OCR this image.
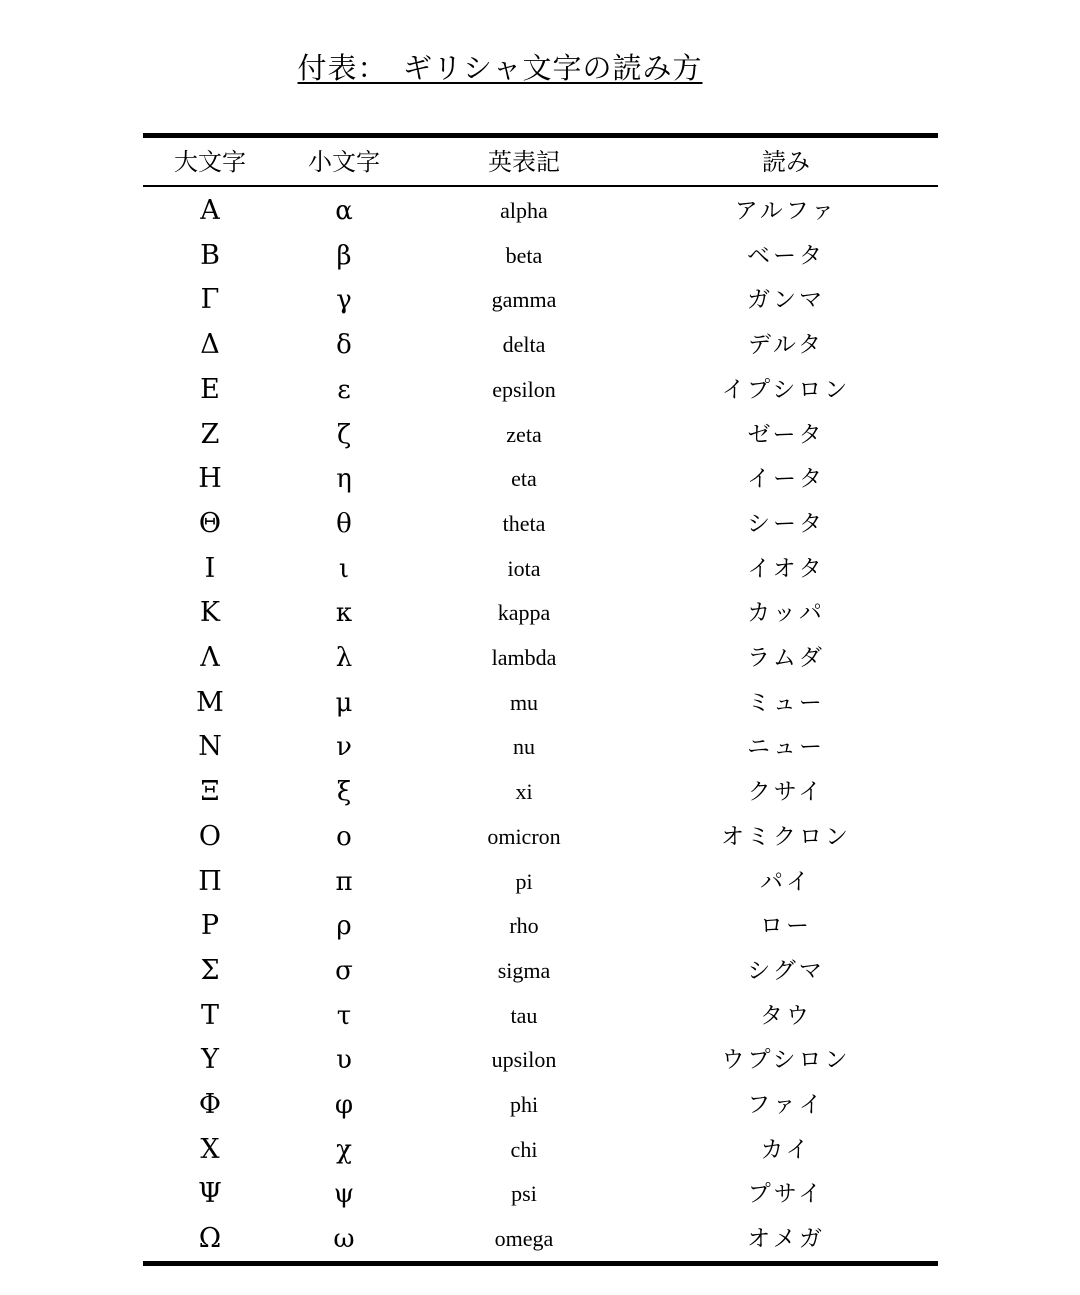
付表：　ギリシャ文字の読み方
大文字	小文字	英表記	読み
Α	α	alpha	アルファ
Β	β	beta	ベータ
Γ	γ	gamma	ガンマ
Δ	δ	delta	デルタ
Ε	ε	epsilon	イプシロン
Ζ	ζ	zeta	ゼータ
Η	η	eta	イータ
Θ	θ	theta	シータ
Ι	ι	iota	イオタ
Κ	κ	kappa	カッパ
Λ	λ	lambda	ラムダ
Μ	μ	mu	ミュー
Ν	ν	nu	ニュー
Ξ	ξ	xi	クサイ
Ο	ο	omicron	オミクロン
Π	π	pi	パイ
Ρ	ρ	rho	ロー
Σ	σ	sigma	シグマ
Τ	τ	tau	タウ
Υ	υ	upsilon	ウプシロン
Φ	φ	phi	ファイ
Χ	χ	chi	カイ
Ψ	ψ	psi	プサイ
Ω	ω	omega	オメガ
